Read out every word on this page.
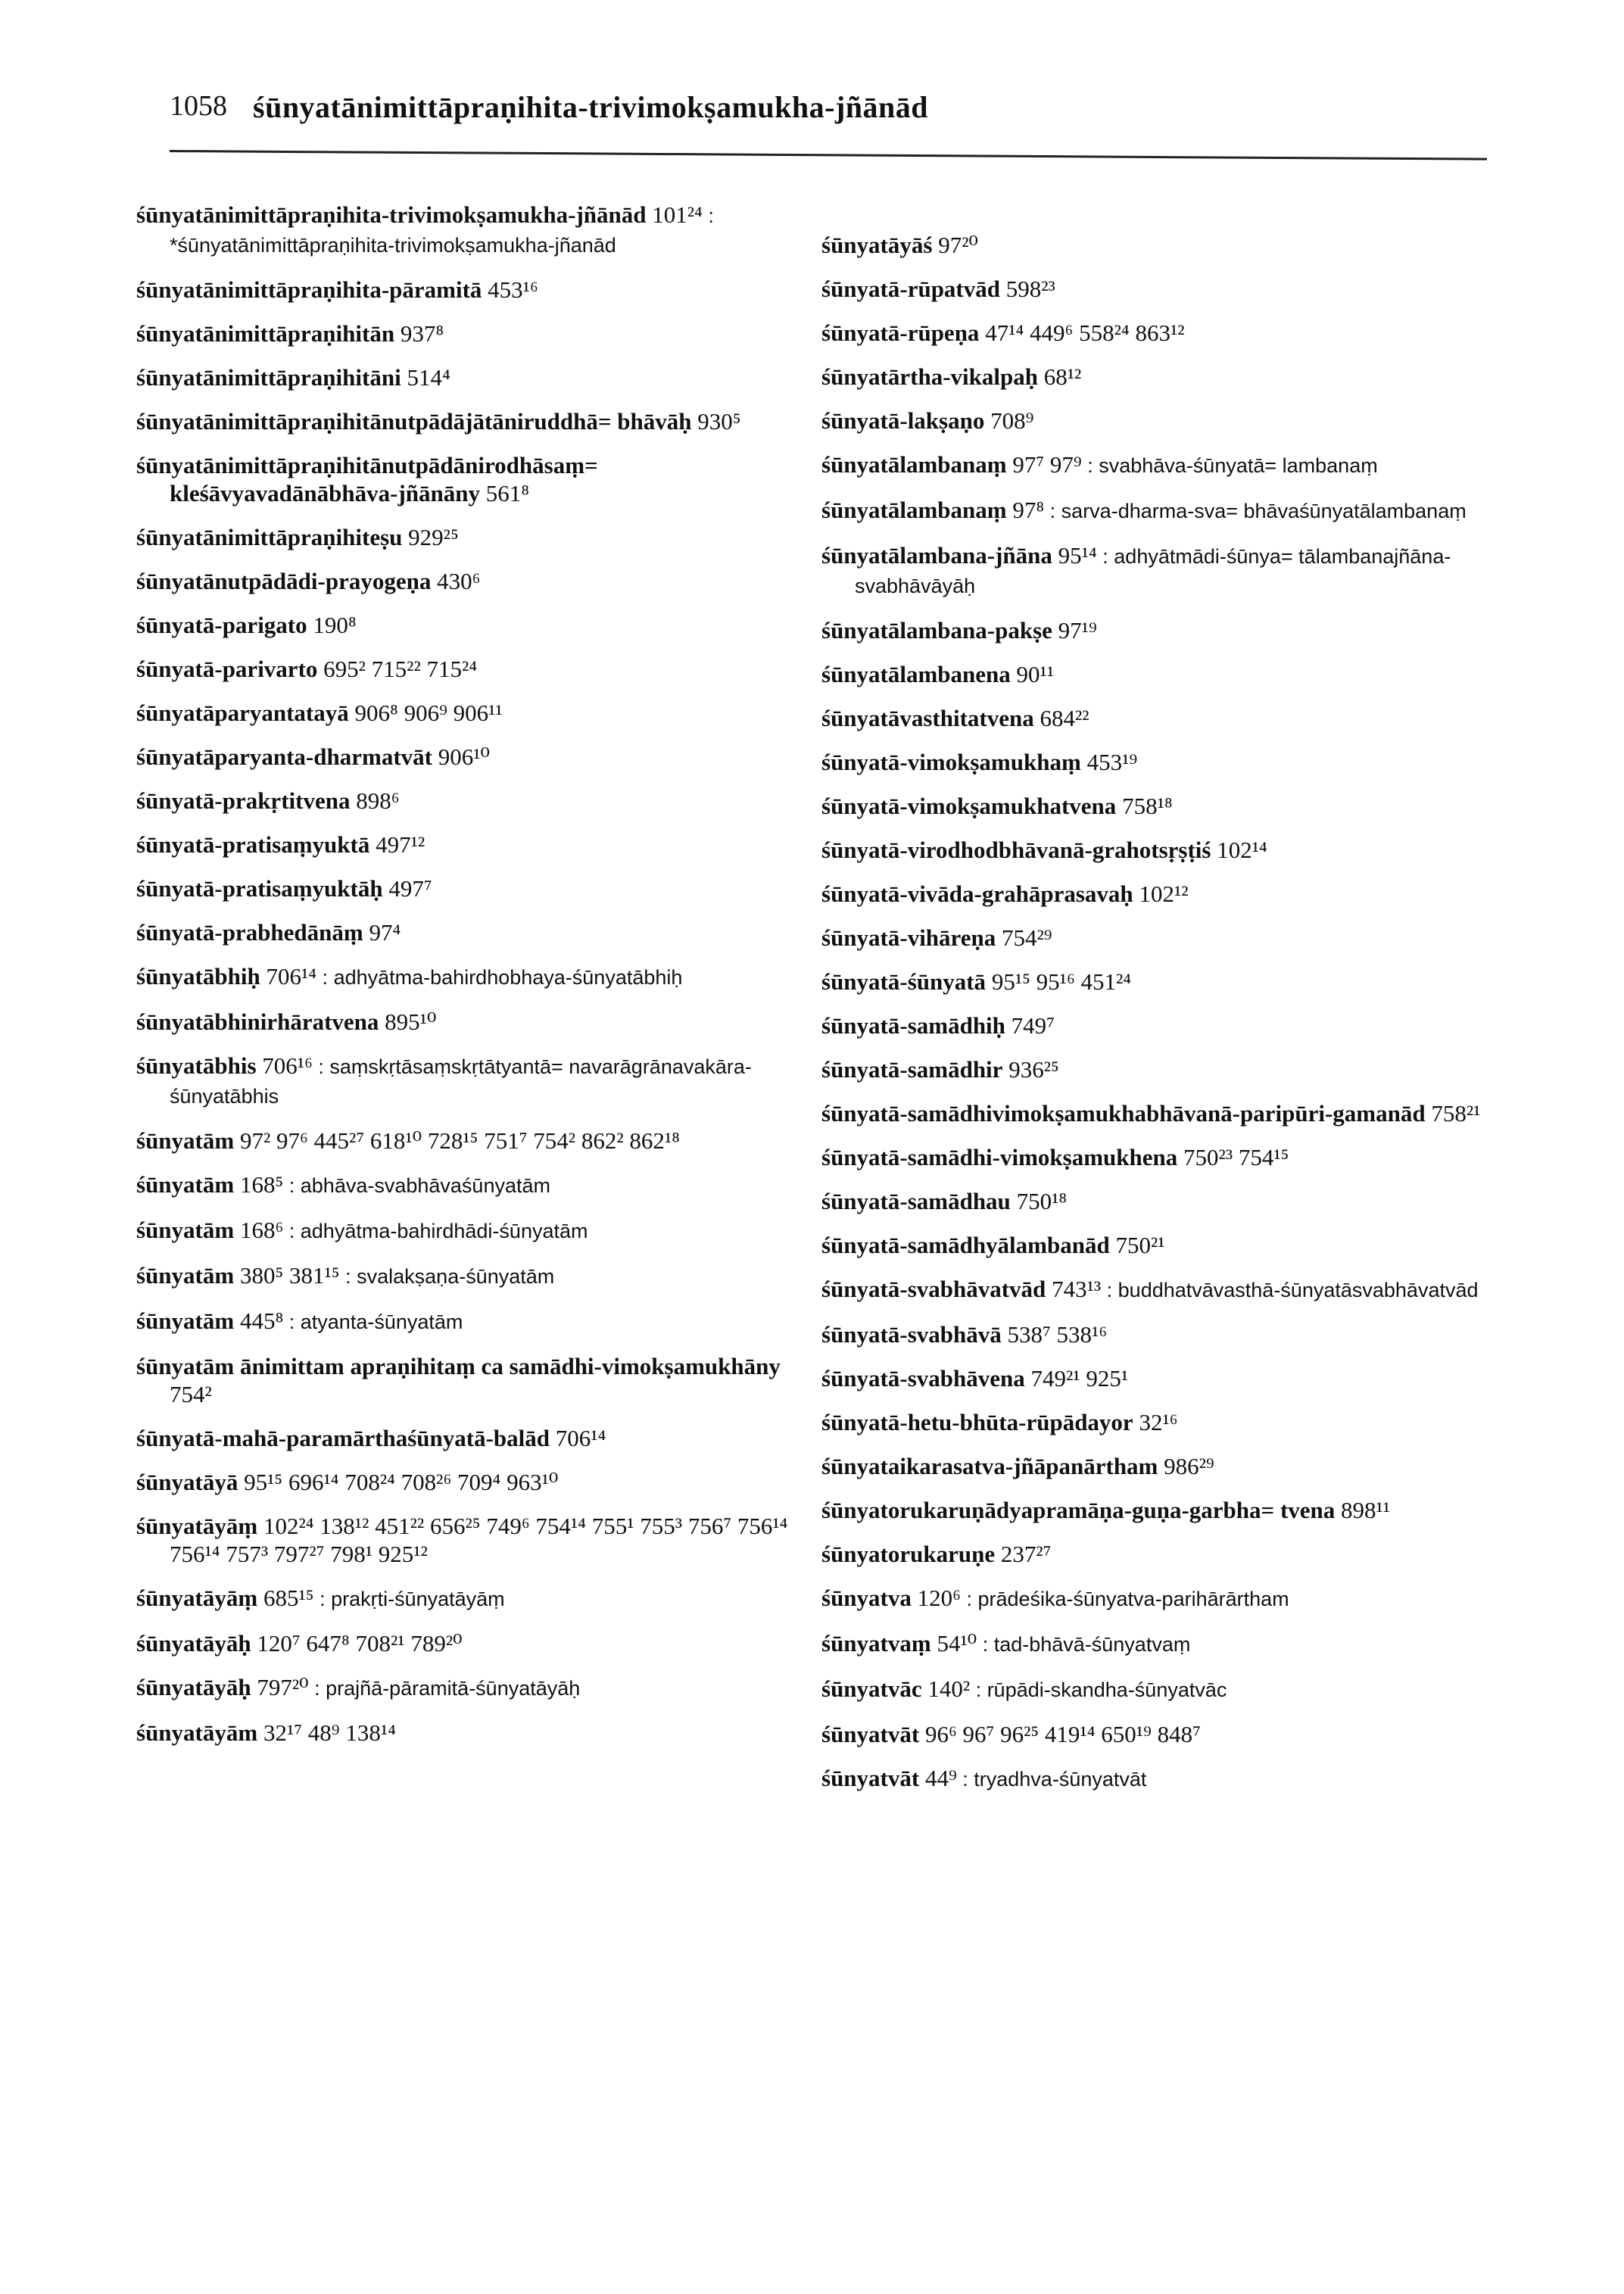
1058 śūnyatānimittāpraṇihita-trivimokṣamukha-jñānād
śūnyatānimittāpraṇihita-trivimokṣamukha-jñānād 101²⁴ : *śūnyatānimittāpraṇihita-trivimokṣamukha-jñanād
śūnyatānimittāpraṇihita-pāramitā 453¹⁶
śūnyatānimittāpraṇihitān 937⁸
śūnyatānimittāpraṇihitāni 514⁴
śūnyatānimittāpraṇihitānutpādājātāniruddhā= bhāvāḥ 930⁵
śūnyatānimittāpraṇihitānutpādānirodhāsaṃ= kleśāvyavadānābhāva-jñānāny 561⁸
śūnyatānimittāpraṇihiteṣu 929²⁵
śūnyatānutpādādi-prayogeṇa 430⁶
śūnyatā-parigato 190⁸
śūnyatā-parivarto 695² 715²² 715²⁴
śūnyatāparyantatayā 906⁸ 906⁹ 906¹¹
śūnyatāparyanta-dharmatvāt 906¹⁰
śūnyatā-prakṛtitvena 898⁶
śūnyatā-pratisaṃyuktā 497¹²
śūnyatā-pratisaṃyuktāḥ 497⁷
śūnyatā-prabhedānāṃ 97⁴
śūnyatābhiḥ 706¹⁴ : adhyātma-bahirdhobhaya-śūnyatābhiḥ
śūnyatābhinirhāratvena 895¹⁰
śūnyatābhis 706¹⁶ : saṃskṛtāsaṃskṛtātyantā= navarāgrānavakāra-śūnyatābhis
śūnyatām 97² 97⁶ 445²⁷ 618¹⁰ 728¹⁵ 751⁷ 754² 862² 862¹⁸
śūnyatām 168⁵ : abhāva-svabhāvaśūnyatām
śūnyatām 168⁶ : adhyātma-bahirdhādi-śūnyatām
śūnyatām 380⁵ 381¹⁵ : svalakṣaṇa-śūnyatām
śūnyatām 445⁸ : atyanta-śūnyatām
śūnyatām ānimittam apraṇihitaṃ ca samādhi-vimokṣamukhāny 754²
śūnyatā-mahā-paramārthaśūnyatā-balād 706¹⁴
śūnyatāyā 95¹⁵ 696¹⁴ 708²⁴ 708²⁶ 709⁴ 963¹⁰
śūnyatāyāṃ 102²⁴ 138¹² 451²² 656²⁵ 749⁶ 754¹⁴ 755¹ 755³ 756⁷ 756¹⁴ 756¹⁴ 757³ 797²⁷ 798¹ 925¹²
śūnyatāyāṃ 685¹⁵ : prakṛti-śūnyatāyāṃ
śūnyatāyāḥ 120⁷ 647⁸ 708²¹ 789²⁰
śūnyatāyāḥ 797²⁰ : prajñā-pāramitā-śūnyatāyāḥ
śūnyatāyām 32¹⁷ 48⁹ 138¹⁴
śūnyatāyāś 97²⁰
śūnyatā-rūpatvād 598²³
śūnyatā-rūpeṇa 47¹⁴ 449⁶ 558²⁴ 863¹²
śūnyatārtha-vikalpaḥ 68¹²
śūnyatā-lakṣaṇo 708⁹
śūnyatālambanaṃ 97⁷ 97⁹ : svabhāva-śūnyatā= lambanaṃ
śūnyatālambanaṃ 97⁸ : sarva-dharma-sva= bhāvaśūnyatālambanaṃ
śūnyatālambana-jñāna 95¹⁴ : adhyātmādi-śūnya= tālambanajñāna-svabhāvāyāḥ
śūnyatālambana-pakṣe 97¹⁹
śūnyatālambanena 90¹¹
śūnyatāvasthitatvena 684²²
śūnyatā-vimokṣamukhaṃ 453¹⁹
śūnyatā-vimokṣamukhatvena 758¹⁸
śūnyatā-virodhodbhāvanā-grahotsṛṣṭiś 102¹⁴
śūnyatā-vivāda-grahāprasavaḥ 102¹²
śūnyatā-vihāreṇa 754²⁹
śūnyatā-śūnyatā 95¹⁵ 95¹⁶ 451²⁴
śūnyatā-samādhiḥ 749⁷
śūnyatā-samādhir 936²⁵
śūnyatā-samādhivimokṣamukhabhāvanā-paripūri-gamanād 758²¹
śūnyatā-samādhi-vimokṣamukhena 750²³ 754¹⁵
śūnyatā-samādhau 750¹⁸
śūnyatā-samādhyālambanād 750²¹
śūnyatā-svabhāvatvād 743¹³ : buddhatvāvasthā-śūnyatāsvabhāvatvād
śūnyatā-svabhāvā 538⁷ 538¹⁶
śūnyatā-svabhāvena 749²¹ 925¹
śūnyatā-hetu-bhūta-rūpādayor 32¹⁶
śūnyataikarasatva-jñāpanārtham 986²⁹
śūnyatorukaruṇādyapramāṇa-guṇa-garbha= tvena 898¹¹
śūnyatorukaruṇe 237²⁷
śūnyatva 120⁶ : prādeśika-śūnyatva-parihārārtham
śūnyatvaṃ 54¹⁰ : tad-bhāvā-śūnyatvaṃ
śūnyatvāc 140² : rūpādi-skandha-śūnyatvāc
śūnyatvāt 96⁶ 96⁷ 96²⁵ 419¹⁴ 650¹⁹ 848⁷
śūnyatvāt 44⁹ : tryadhva-śūnyatvāt
